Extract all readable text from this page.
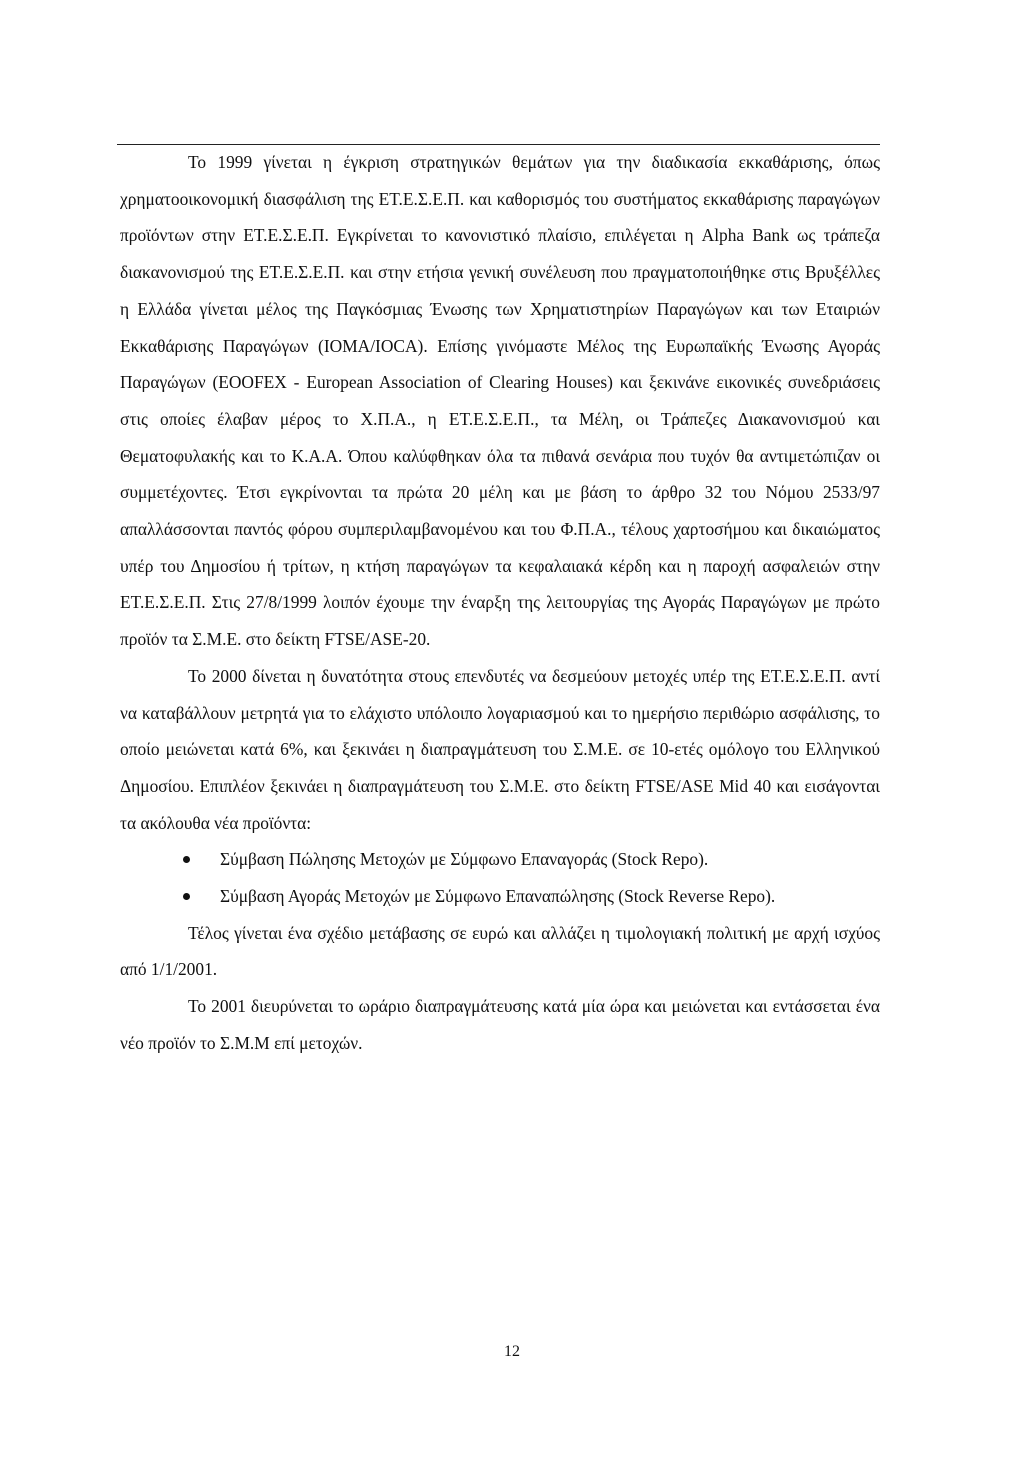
Το 1999 γίνεται η έγκριση στρατηγικών θεμάτων για την διαδικασία εκκαθάρισης, όπως χρηματοοικονομική διασφάλιση της ΕΤ.Ε.Σ.Ε.Π. και καθορισμός του συστήματος εκκαθάρισης παραγώγων προϊόντων στην ΕΤ.Ε.Σ.Ε.Π. Εγκρίνεται το κανονιστικό πλαίσιο, επιλέγεται η Alpha Bank ως τράπεζα διακανονισμού της ΕΤ.Ε.Σ.Ε.Π. και στην ετήσια γενική συνέλευση που πραγματοποιήθηκε στις Βρυξέλλες η Ελλάδα γίνεται μέλος της Παγκόσμιας Ένωσης των Χρηματιστηρίων Παραγώγων και των Εταιριών Εκκαθάρισης Παραγώγων (ΙΟΜΑ/ΙΟCA). Επίσης γινόμαστε Μέλος της Ευρωπαϊκής Ένωσης Αγοράς Παραγώγων (ΕΟΟFEX - European Association of Clearing Houses) και ξεκινάνε εικονικές συνεδριάσεις στις οποίες έλαβαν μέρος το Χ.Π.Α., η ΕΤ.Ε.Σ.Ε.Π., τα Μέλη, οι Τράπεζες Διακανονισμού και Θεματοφυλακής και το Κ.Α.Α. Όπου καλύφθηκαν όλα τα πιθανά σενάρια που τυχόν θα αντιμετώπιζαν οι συμμετέχοντες. Έτσι εγκρίνονται τα πρώτα 20 μέλη και με βάση το άρθρο 32 του Νόμου 2533/97 απαλλάσσονται παντός φόρου συμπεριλαμβανομένου και του Φ.Π.Α., τέλους χαρτοσήμου και δικαιώματος υπέρ του Δημοσίου ή τρίτων, η κτήση παραγώγων τα κεφαλαιακά κέρδη και η παροχή ασφαλειών στην ΕΤ.Ε.Σ.Ε.Π. Στις 27/8/1999 λοιπόν έχουμε την έναρξη της λειτουργίας της Αγοράς Παραγώγων με πρώτο προϊόν τα Σ.Μ.Ε. στο δείκτη FTSE/ASE-20.

Το 2000 δίνεται η δυνατότητα στους επενδυτές να δεσμεύουν μετοχές υπέρ της ΕΤ.Ε.Σ.Ε.Π. αντί να καταβάλλουν μετρητά για το ελάχιστο υπόλοιπο λογαριασμού και το ημερήσιο περιθώριο ασφάλισης, το οποίο μειώνεται κατά 6%, και ξεκινάει η διαπραγμάτευση του Σ.Μ.Ε. σε 10-ετές ομόλογο του Ελληνικού Δημοσίου. Επιπλέον ξεκινάει η διαπραγμάτευση του Σ.Μ.Ε. στο δείκτη FTSE/ASE Mid 40 και εισάγονται τα ακόλουθα νέα προϊόντα:

Σύμβαση Πώλησης Μετοχών με Σύμφωνο Επαναγοράς (Stock Repo).
Σύμβαση Αγοράς Μετοχών με Σύμφωνο Επαναπώλησης (Stock Reverse Repo).

Τέλος γίνεται ένα σχέδιο μετάβασης σε ευρώ και αλλάζει η τιμολογιακή πολιτική με αρχή ισχύος από 1/1/2001.

Το 2001 διευρύνεται το ωράριο διαπραγμάτευσης κατά μία ώρα και μειώνεται και εντάσσεται ένα νέο προϊόν το Σ.Μ.Μ επί μετοχών.

12
